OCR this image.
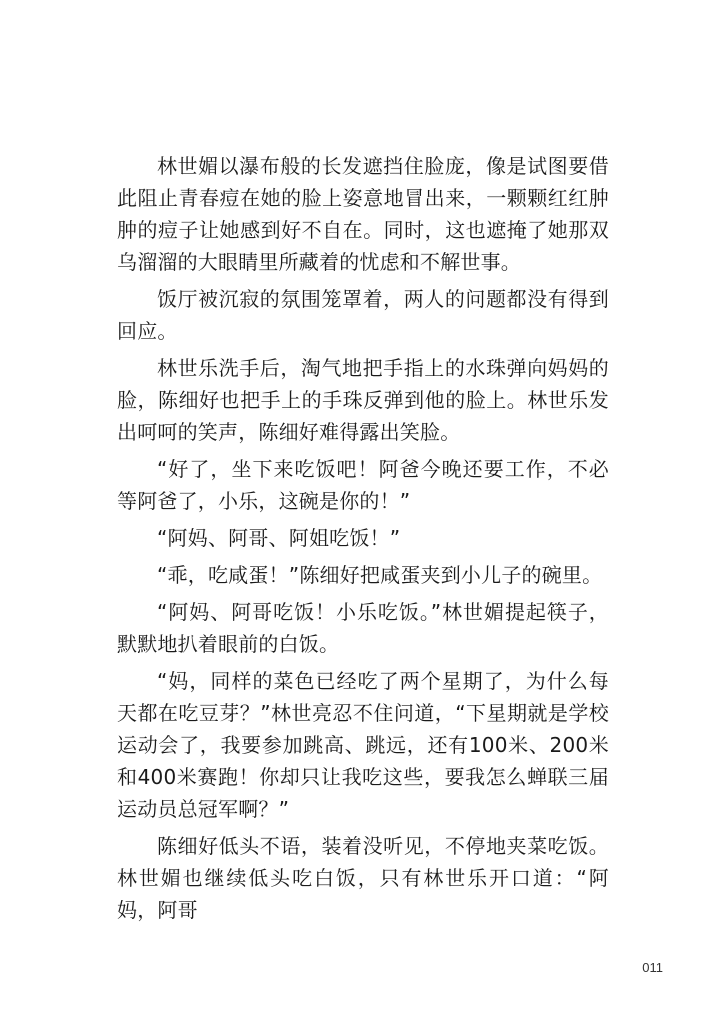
林世媚以瀑布般的长发遮挡住脸庞，像是试图要借此阻止青春痘在她的脸上姿意地冒出来，一颗颗红红肿肿的痘子让她感到好不自在。同时，这也遮掩了她那双乌溜溜的大眼睛里所藏着的忧虑和不解世事。

饭厅被沉寂的氛围笼罩着，两人的问题都没有得到回应。

林世乐洗手后，淘气地把手指上的水珠弹向妈妈的脸，陈细好也把手上的手珠反弹到他的脸上。林世乐发出呵呵的笑声，陈细好难得露出笑脸。

“好了，坐下来吃饭吧！阿爸今晚还要工作，不必等阿爸了，小乐，这碗是你的！”

“阿妈、阿哥、阿姐吃饭！”

“乖，吃咸蛋！”陈细好把咸蛋夹到小儿子的碗里。

“阿妈、阿哥吃饭！小乐吃饭。”林世媚提起筷子，默默地扒着眼前的白饭。

“妈，同样的菜色已经吃了两个星期了，为什么每天都在吃豆芽？”林世亮忍不住问道，“下星期就是学校运动会了，我要参加跳高、跳远，还有100米、200米和400米赛跑！你却只让我吃这些，要我怎么蝉联三届运动员总冠军啊？”

陈细好低头不语，装着没听见，不停地夹菜吃饭。林世媚也继续低头吃白饭，只有林世乐开口道：“阿妈，阿哥

011
